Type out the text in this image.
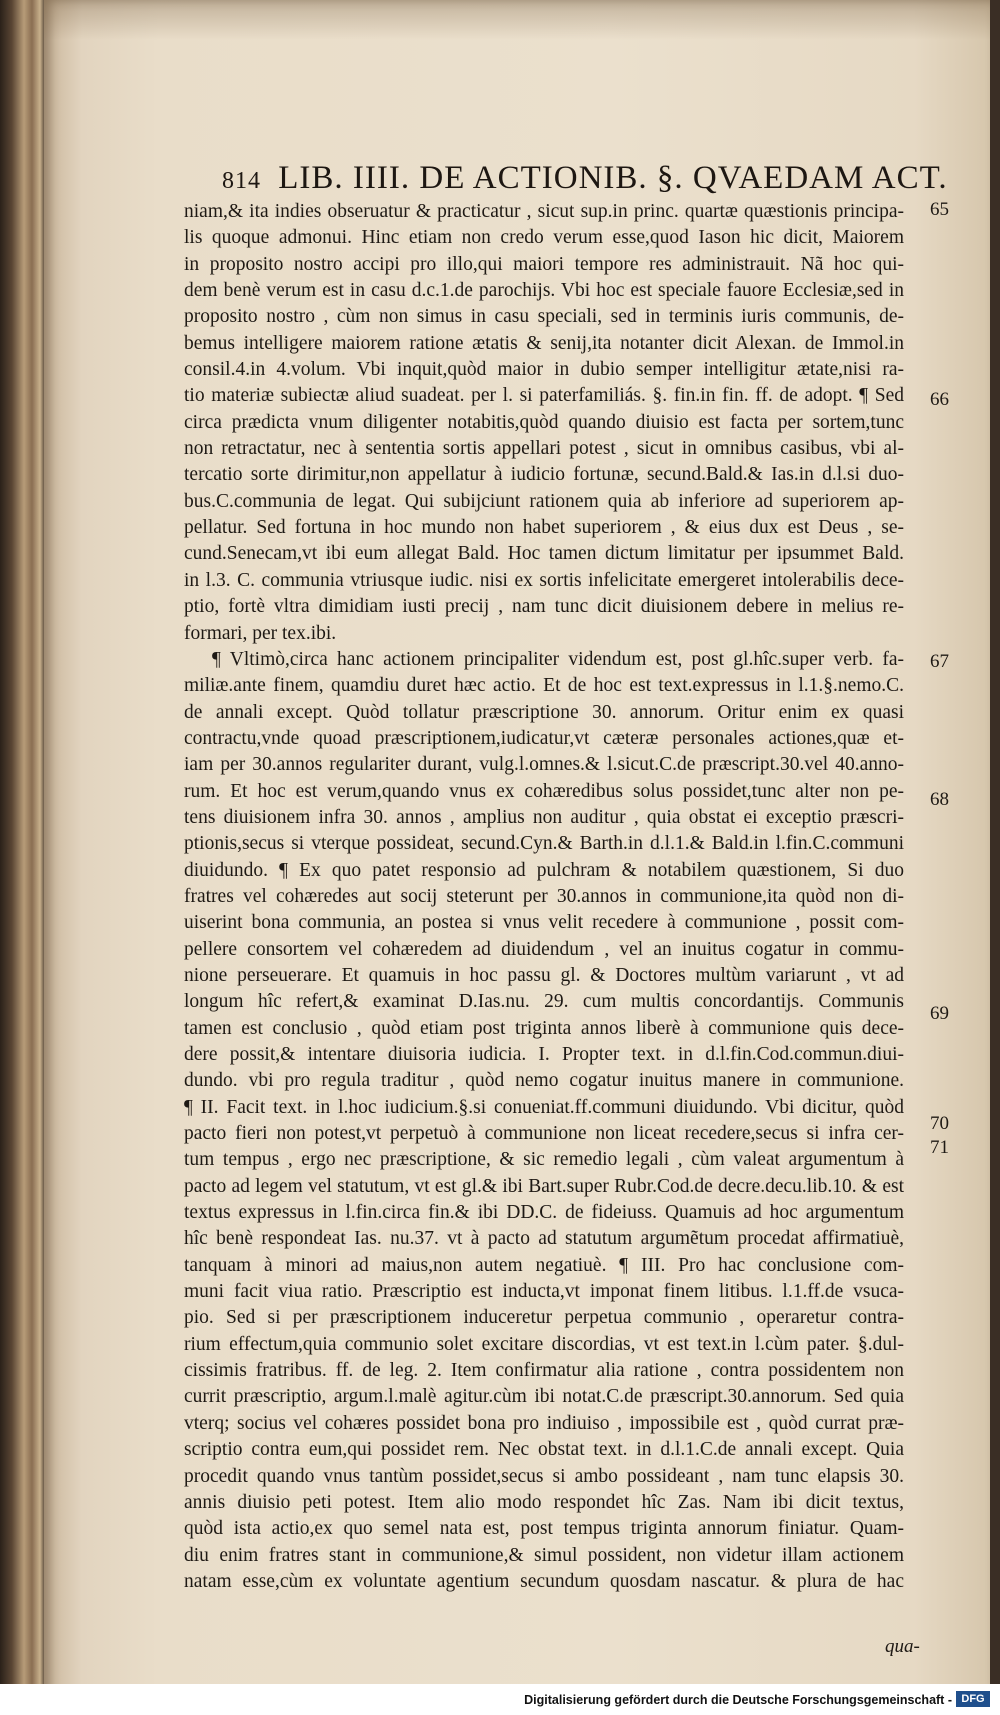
814 LIB. IIII. DE ACTIONIB. §. QVAEDAM ACT.
niam,& ita indies obseruatur & practicatur , sicut sup.in princ. quartæ quæstionis principa-
lis quoque admonui. Hinc etiam non credo verum esse,quod Iason hic dicit, Maiorem
in proposito nostro accipi pro illo,qui maiori tempore res administrauit. Nã hoc qui-
dem benè verum est in casu d.c.1.de parochijs. Vbi hoc est speciale fauore Ecclesiæ,sed in
proposito nostro , cùm non simus in casu speciali, sed in terminis iuris communis, de-
bemus intelligere maiorem ratione ætatis & senij,ita notanter dicit Alexan. de Immol.in
consil.4.in 4.volum. Vbi inquit,quòd maior in dubio semper intelligitur ætate,nisi ra-
tio materiæ subiectæ aliud suadeat. per l. si paterfamiliás. §. fin.in fin. ff. de adopt. ¶ Sed
circa prædicta vnum diligenter notabitis,quòd quando diuisio est facta per sortem,tunc
non retractatur, nec à sententia sortis appellari potest , sicut in omnibus casibus, vbi al-
tercatio sorte dirimitur,non appellatur à iudicio fortunæ, secund.Bald.& Ias.in d.l.si duo-
bus.C.communia de legat. Qui subijciunt rationem quia ab inferiore ad superiorem ap-
pellatur. Sed fortuna in hoc mundo non habet superiorem , & eius dux est Deus , se-
cund.Senecam,vt ibi eum allegat Bald. Hoc tamen dictum limitatur per ipsummet Bald.
in l.3. C. communia vtriusque iudic. nisi ex sortis infelicitate emergeret intolerabilis dece-
ptio, fortè vltra dimidiam iusti precij , nam tunc dicit diuisionem debere in melius re-
formari, per tex.ibi.
¶ Vltimò,circa hanc actionem principaliter videndum est, post gl.hîc.super verb. fa-
miliæ.ante finem, quamdiu duret hæc actio. Et de hoc est text.expressus in l.1.§.nemo.C.
de annali except. Quòd tollatur præscriptione 30. annorum. Oritur enim ex quasi
contractu,vnde quoad præscriptionem,iudicatur,vt cæteræ personales actiones,quæ et-
iam per 30.annos regulariter durant, vulg.l.omnes.& l.sicut.C.de præscript.30.vel 40.anno-
rum. Et hoc est verum,quando vnus ex cohæredibus solus possidet,tunc alter non pe-
tens diuisionem infra 30. annos , amplius non auditur , quia obstat ei exceptio præscri-
ptionis,secus si vterque possideat, secund.Cyn.& Barth.in d.l.1.& Bald.in l.fin.C.communi
diuidundo. ¶ Ex quo patet responsio ad pulchram & notabilem quæstionem, Si duo
fratres vel cohæredes aut socij steterunt per 30.annos in communione,ita quòd non di-
uiserint bona communia, an postea si vnus velit recedere à communione , possit com-
pellere consortem vel cohæredem ad diuidendum , vel an inuitus cogatur in commu-
nione perseuerare. Et quamuis in hoc passu gl. & Doctores multùm variarunt , vt ad
longum hîc refert,& examinat D.Ias.nu. 29. cum multis concordantijs. Communis
tamen est conclusio , quòd etiam post triginta annos liberè à communione quis dece-
dere possit,& intentare diuisoria iudicia. I. Propter text. in d.l.fin.Cod.commun.diui-
dundo. vbi pro regula traditur , quòd nemo cogatur inuitus manere in communione.
¶ II. Facit text. in l.hoc iudicium.§.si conueniat.ff.communi diuidundo. Vbi dicitur, quòd
pacto fieri non potest,vt perpetuò à communione non liceat recedere,secus si infra cer-
tum tempus , ergo nec præscriptione, & sic remedio legali , cùm valeat argumentum à
pacto ad legem vel statutum, vt est gl.& ibi Bart.super Rubr.Cod.de decre.decu.lib.10. & est
textus expressus in l.fin.circa fin.& ibi DD.C. de fideiuss. Quamuis ad hoc argumentum
hîc benè respondeat Ias. nu.37. vt à pacto ad statutum argumẽtum procedat affirmatiuè,
tanquam à minori ad maius,non autem negatiuè. ¶ III. Pro hac conclusione com-
muni facit viua ratio. Præscriptio est inducta,vt imponat finem litibus. l.1.ff.de vsuca-
pio. Sed si per præscriptionem induceretur perpetua communio , operaretur contra-
rium effectum,quia communio solet excitare discordias, vt est text.in l.cùm pater. §.dul-
cissimis fratribus. ff. de leg. 2. Item confirmatur alia ratione , contra possidentem non
currit præscriptio, argum.l.malè agitur.cùm ibi notat.C.de præscript.30.annorum. Sed quia
vterq; socius vel cohæres possidet bona pro indiuiso , impossibile est , quòd currat præ-
scriptio contra eum,qui possidet rem. Nec obstat text. in d.l.1.C.de annali except. Quia
procedit quando vnus tantùm possidet,secus si ambo possideant , nam tunc elapsis 30.
annis diuisio peti potest. Item alio modo respondet hîc Zas. Nam ibi dicit textus,
quòd ista actio,ex quo semel nata est, post tempus triginta annorum finiatur. Quam-
diu enim fratres stant in communione,& simul possident, non videtur illam actionem
natam esse,cùm ex voluntate agentium secundum quosdam nascatur. & plura de hac
65
66
67
68
69
70
71
qua-
Digitalisierung gefördert durch die Deutsche Forschungsgemeinschaft - DFG
